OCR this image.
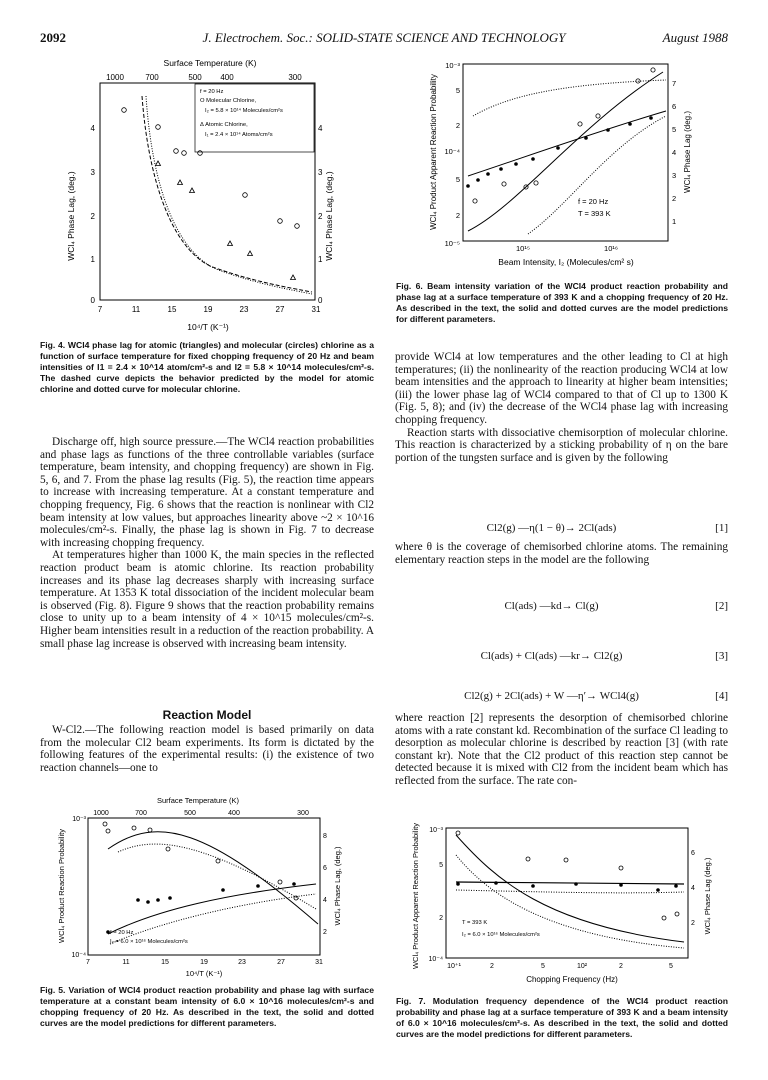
2092	J. Electrochem. Soc.: SOLID-STATE SCIENCE AND TECHNOLOGY	August 1988
Surface Temperature (K)
1000	700	500 400	300
f = 20 Hz
O Molecular Chlorine,
I₂ = 5.8 × 10¹⁴ Molecules/cm²s
Δ Atomic Chlorine,
I₁ = 2.4 × 10¹⁴ Atoms/cm²s
0
1
2
3
4
0
1
2
3
4
WCl₄ Phase Lag, (deg.)	WCl₄ Phase Lag, (deg.)
7	11	15	19	23	27	31
10⁴/T (K⁻¹)
Fig. 4. WCl4 phase lag for atomic (triangles) and molecular (circles) chlorine as a function of surface temperature for fixed chopping frequency of 20 Hz and beam intensities of I1 = 2.4 × 10^14 atom/cm²-s and I2 = 5.8 × 10^14 molecules/cm²-s. The dashed curve depicts the behavior predicted by the model for atomic chlorine and dotted curve for molecular chlorine.
10⁻⁵
2
5
10⁻⁴
2
5
10⁻³
1
2
3
4
5
6
7
WCl₄ Product Apparent Reaction Probability	WCl₄ Phase Lag (deg.)
10¹⁵	10¹⁶
Beam Intensity, I₂ (Molecules/cm² s)
f = 20 Hz
T = 393 K
Fig. 6. Beam intensity variation of the WCl4 product reaction probability and phase lag at a surface temperature of 393 K and a chopping frequency of 20 Hz. As described in the text, the solid and dotted curves are the model predictions for different parameters.

Discharge off, high source pressure.—The WCl4 reaction probabilities and phase lags as functions of the three controllable variables (surface temperature, beam intensity, and chopping frequency) are shown in Fig. 5, 6, and 7. From the phase lag results (Fig. 5), the reaction time appears to increase with increasing temperature. At a constant temperature and chopping frequency, Fig. 6 shows that the reaction is nonlinear with Cl2 beam intensity at low values, but approaches linearity above ~2 × 10^16 molecules/cm²-s. Finally, the phase lag is shown in Fig. 7 to decrease with increasing chopping frequency.

At temperatures higher than 1000 K, the main species in the reflected reaction product beam is atomic chlorine. Its reaction probability increases and its phase lag decreases sharply with increasing surface temperature. At 1353 K total dissociation of the incident molecular beam is observed (Fig. 8). Figure 9 shows that the reaction probability remains close to unity up to a beam intensity of 4 × 10^15 molecules/cm²-s. Higher beam intensities result in a reduction of the reaction probability. A small phase lag increase is observed with increasing beam intensity.

Reaction Model

W-Cl2.—The following reaction model is based primarily on data from the molecular Cl2 beam experiments. Its form is dictated by the following features of the experimental results: (i) the existence of two reaction channels—one to

provide WCl4 at low temperatures and the other leading to Cl at high temperatures; (ii) the nonlinearity of the reaction producing WCl4 at low beam intensities and the approach to linearity at higher beam intensities; (iii) the lower phase lag of WCl4 compared to that of Cl up to 1300 K (Fig. 5, 8); and (iv) the decrease of the WCl4 phase lag with increasing chopping frequency.

Reaction starts with dissociative chemisorption of molecular chlorine. This reaction is characterized by a sticking probability of η on the bare portion of the tungsten surface and is given by the following

Cl2(g) —η(1 − θ)→ 2Cl(ads)	[1]

where θ is the coverage of chemisorbed chlorine atoms. The remaining elementary reaction steps in the model are the following

Cl(ads) —kd→ Cl(g)	[2]
Cl(ads) + Cl(ads) —kr→ Cl2(g)	[3]
Cl2(g) + 2Cl(ads) + W —η′→ WCl4(g)	[4]

where reaction [2] represents the desorption of chemisorbed chlorine atoms with a rate constant kd. Recombination of the surface Cl leading to desorption as molecular chlorine is described by reaction [3] (with rate constant kr). Note that the Cl2 product of this reaction step cannot be detected because it is mixed with Cl2 from the incident beam which has reflected from the surface. The rate con-

Surface Temperature (K)
1000	700	500	400	300
10⁻⁴
10⁻³
2
4
6
8
WCl₄ Product Reaction Probability	WCl₄ Phase Lag, (deg.)
7	11	15	19	23	27	31
10⁴/T (K⁻¹)
f = 20 Hz
I₂ = 6.0 × 10¹⁶ Molecules/cm²s
Fig. 5. Variation of WCl4 product reaction probability and phase lag with surface temperature at a constant beam intensity of 6.0 × 10^16 molecules/cm²-s and chopping frequency of 20 Hz. As described in the text, the solid and dotted curves are the model predictions for different parameters.
10⁻⁴
2
5
10⁻³
2
4
6
WCl₄ Product Apparent Reaction Probability	WCl₄ Phase Lag (deg.)
10⁺¹	2	5	10²	2	5
Chopping Frequency (Hz)
T = 393 K
I₂ = 6.0 × 10¹⁶ Molecules/cm²s
Fig. 7. Modulation frequency dependence of the WCl4 product reaction probability and phase lag at a surface temperature of 393 K and a beam intensity of 6.0 × 10^16 molecules/cm²-s. As described in the text, the solid and dotted curves are the model predictions for different parameters.
